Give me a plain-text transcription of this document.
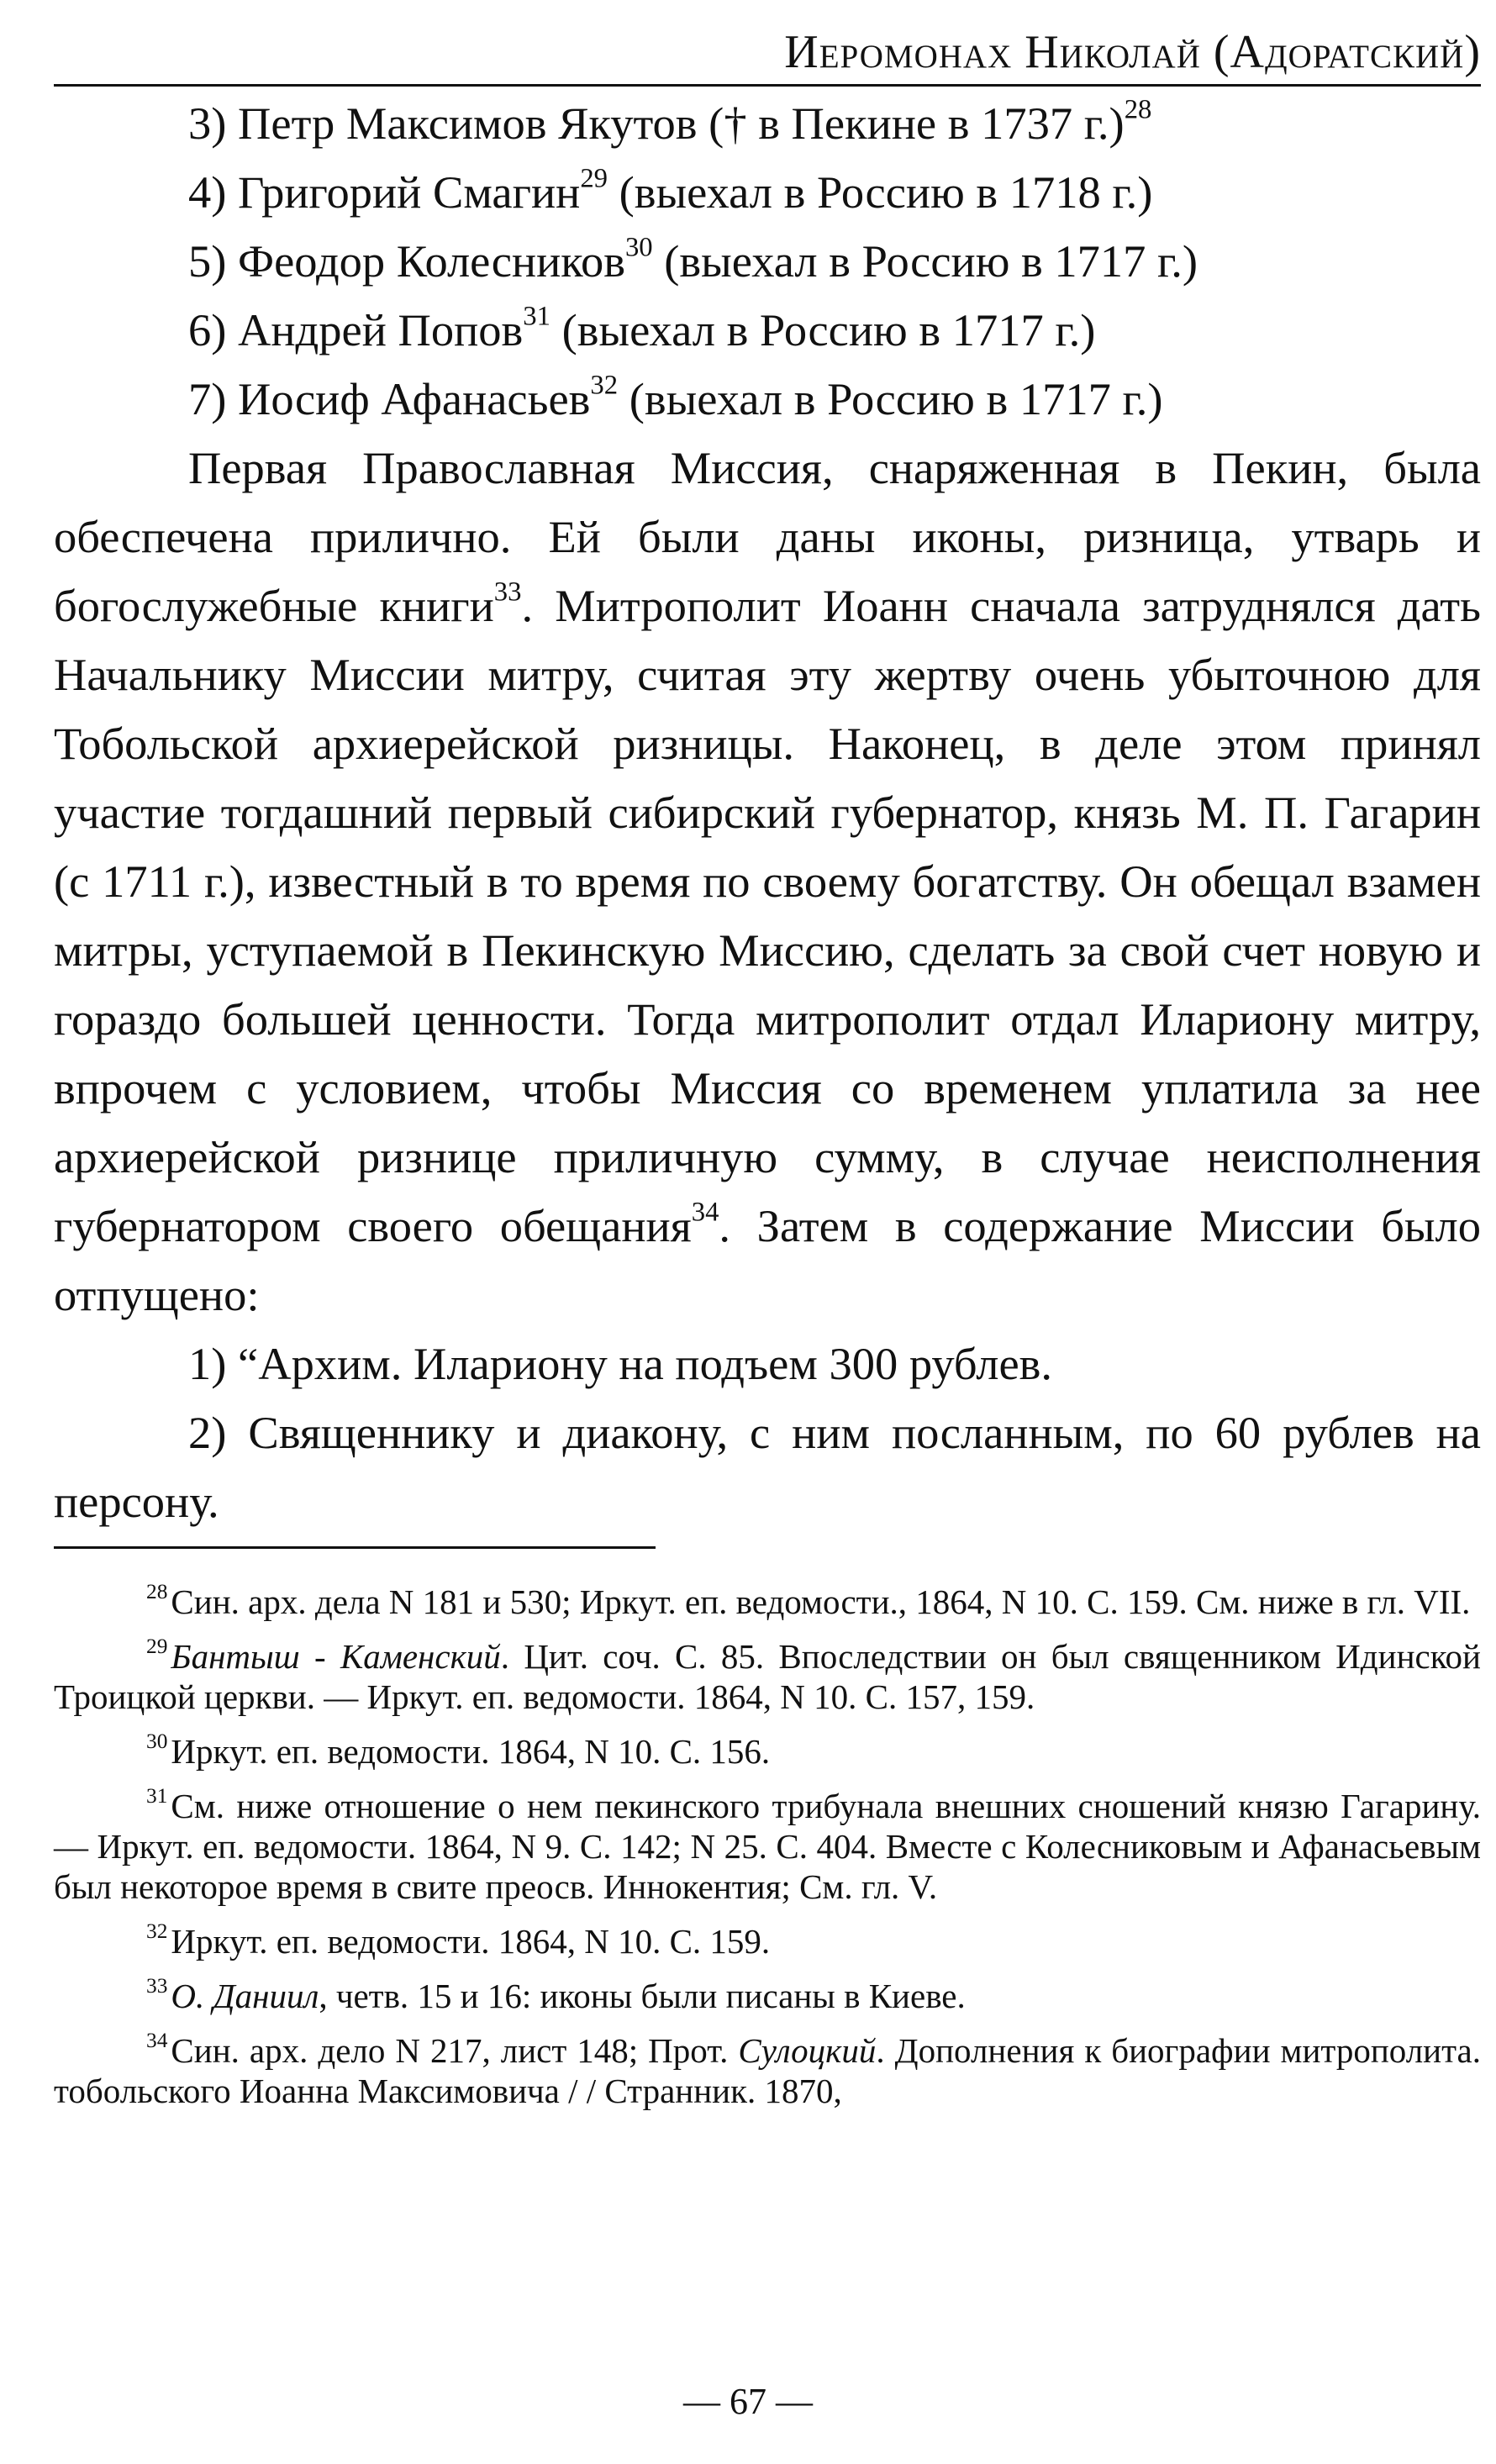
Иеромонах Николай (Адоратский)

3) Петр Максимов Якутов († в Пекине в 1737 г.)$^{28}$

4) Григорий Смагин$^{29}$ (выехал в Россию в 1718 г.)

5) Феодор Колесников$^{30}$ (выехал в Россию в 1717 г.)

6) Андрей Попов$^{31}$ (выехал в Россию в 1717 г.)

7) Иосиф Афанасьев$^{32}$ (выехал в Россию в 1717 г.)

Первая Православная Миссия, снаряженная в Пекин, была обеспечена прилично. Ей были даны иконы, ризница, утварь и богослужебные книги$^{33}$. Митрополит Иоанн сначала затруднялся дать Начальнику Миссии митру, считая эту жертву очень убыточною для Тобольской архиерейской ризницы. Наконец, в деле этом принял участие тогдашний первый сибирский губернатор, князь М. П. Гагарин (с 1711 г.), известный в то время по своему богатству. Он обещал взамен митры, уступаемой в Пекинскую Миссию, сделать за свой счет новую и гораздо большей ценности. Тогда митрополит отдал Илариону митру, впрочем с условием, чтобы Миссия со временем уплатила за нее архиерейской ризнице приличную сумму, в случае неисполнения губернатором своего обещания$^{34}$. Затем в содержание Миссии было отпущено:

1) “Архим. Илариону на подъем 300 рублев.

2) Священнику и диакону, с ним посланным, по 60 рублев на персону.

$^{28}$Син. арх. дела N 181 и 530; Иркут. еп. ведомости., 1864, N 10. С. 159. См. ниже в гл. VII.

$^{29}$Бантыш - Каменский. Цит. соч. С. 85. Впоследствии он был священником Идинской Троицкой церкви. — Иркут. еп. ведомости. 1864, N 10. С. 157, 159.

$^{30}$Иркут. еп. ведомости. 1864, N 10. С. 156.

$^{31}$См. ниже отношение о нем пекинского трибунала внешних сношений князю Гагарину. — Иркут. еп. ведомости. 1864, N 9. С. 142; N 25. С. 404. Вместе с Колесниковым и Афанасьевым был некоторое время в свите преосв. Иннокентия; См. гл. V.

$^{32}$Иркут. еп. ведомости. 1864, N 10. С. 159.

$^{33}$О. Даниил, четв. 15 и 16: иконы были писаны в Киеве.

$^{34}$Син. арх. дело N 217, лист 148; Прот. Сулоцкий. Дополнения к биографии митрополита. тобольского Иоанна Максимовича / / Странник. 1870,

— 67 —
